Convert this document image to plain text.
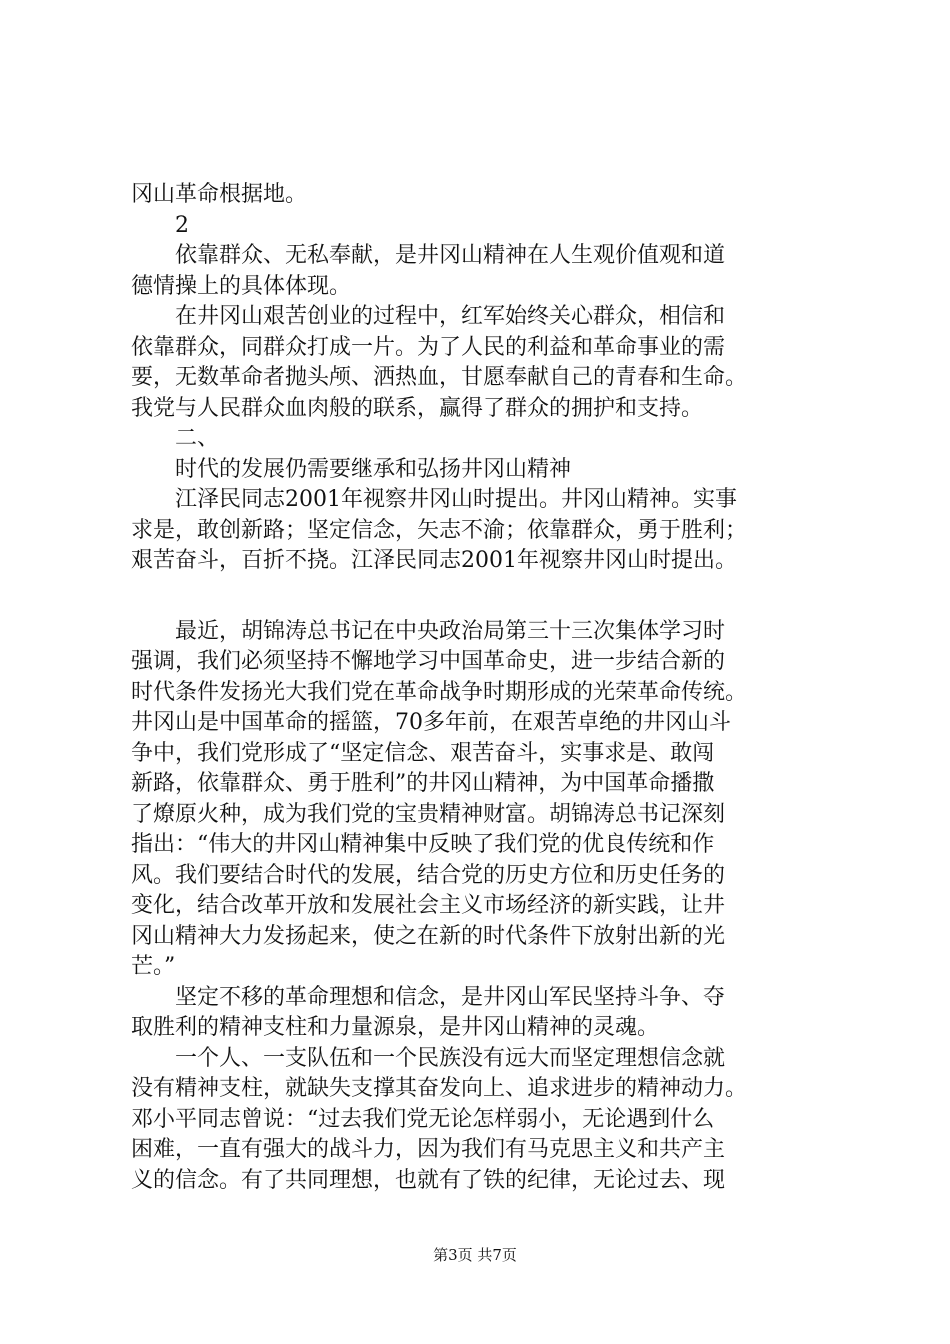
冈山革命根据地。
2
依靠群众、无私奉献，是井冈山精神在人生观价值观和道
德情操上的具体体现。
在井冈山艰苦创业的过程中，红军始终关心群众，相信和
依靠群众，同群众打成一片。为了人民的利益和革命事业的需
要，无数革命者抛头颅、洒热血，甘愿奉献自己的青春和生命。
我党与人民群众血肉般的联系，赢得了群众的拥护和支持。
二、
时代的发展仍需要继承和弘扬井冈山精神
江泽民同志2001年视察井冈山时提出。井冈山精神。实事
求是，敢创新路；坚定信念，矢志不渝；依靠群众，勇于胜利；
艰苦奋斗，百折不挠。江泽民同志2001年视察井冈山时提出。
最近，胡锦涛总书记在中央政治局第三十三次集体学习时
强调，我们必须坚持不懈地学习中国革命史，进一步结合新的
时代条件发扬光大我们党在革命战争时期形成的光荣革命传统。
井冈山是中国革命的摇篮，70多年前，在艰苦卓绝的井冈山斗
争中，我们党形成了“坚定信念、艰苦奋斗，实事求是、敢闯
新路，依靠群众、勇于胜利”的井冈山精神，为中国革命播撒
了燎原火种，成为我们党的宝贵精神财富。胡锦涛总书记深刻
指出：“伟大的井冈山精神集中反映了我们党的优良传统和作
风。我们要结合时代的发展，结合党的历史方位和历史任务的
变化，结合改革开放和发展社会主义市场经济的新实践，让井
冈山精神大力发扬起来，使之在新的时代条件下放射出新的光
芒。”
坚定不移的革命理想和信念，是井冈山军民坚持斗争、夺
取胜利的精神支柱和力量源泉，是井冈山精神的灵魂。
一个人、一支队伍和一个民族没有远大而坚定理想信念就
没有精神支柱，就缺失支撑其奋发向上、追求进步的精神动力。
邓小平同志曾说：“过去我们党无论怎样弱小，无论遇到什么
困难，一直有强大的战斗力，因为我们有马克思主义和共产主
义的信念。有了共同理想，也就有了铁的纪律，无论过去、现
第3页 共7页
